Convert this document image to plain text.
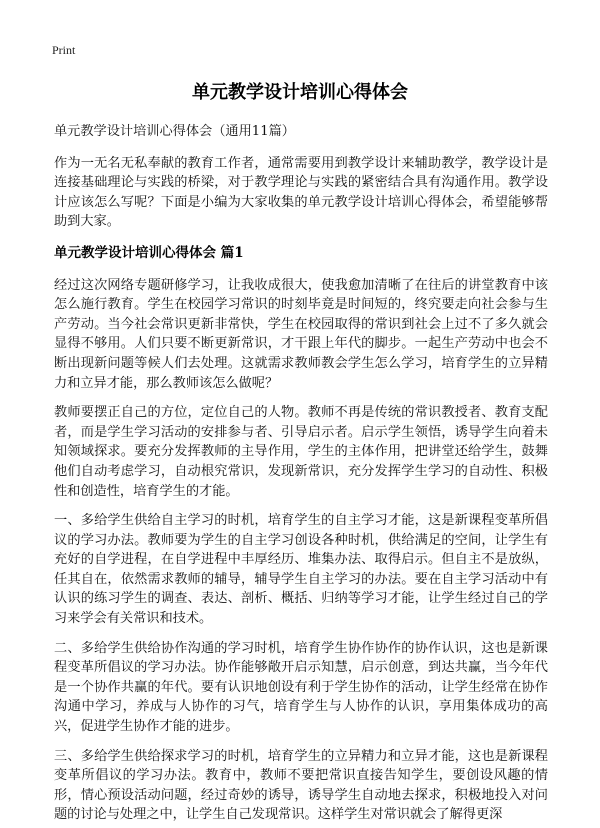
Print
单元教学设计培训心得体会

单元教学设计培训心得体会（通用11篇）

作为一无名无私奉献的教育工作者，通常需要用到教学设计来辅助教学，教学设计是连接基础理论与实践的桥梁，对于教学理论与实践的紧密结合具有沟通作用。教学设计应该怎么写呢？下面是小编为大家收集的单元教学设计培训心得体会，希望能够帮助到大家。

单元教学设计培训心得体会 篇1

经过这次网络专题研修学习，让我收成很大，使我愈加清晰了在往后的讲堂教育中该怎么施行教育。学生在校园学习常识的时刻毕竟是时间短的，终究要走向社会参与生产劳动。当今社会常识更新非常快，学生在校园取得的常识到社会上过不了多久就会显得不够用。人们只要不断更新常识，才干跟上年代的脚步。一起生产劳动中也会不断出现新问题等候人们去处理。这就需求教师教会学生怎么学习，培育学生的立异精力和立异才能，那么教师该怎么做呢？

教师要摆正自己的方位，定位自己的人物。教师不再是传统的常识教授者、教育支配者，而是学生学习活动的安排参与者、引导启示者。启示学生领悟，诱导学生向着未知领域探求。要充分发挥教师的主导作用，学生的主体作用，把讲堂还给学生，鼓舞他们自动考虑学习，自动根究常识，发现新常识，充分发挥学生学习的自动性、积极性和创造性，培育学生的才能。

一、多给学生供给自主学习的时机，培育学生的自主学习才能，这是新课程变革所倡议的学习办法。教师要为学生的自主学习创设各种时机，供给满足的空间，让学生有充好的自学进程，在自学进程中丰厚经历、堆集办法、取得启示。但自主不是放纵，任其自在，依然需求教师的辅导，辅导学生自主学习的办法。要在自主学习活动中有认识的练习学生的调查、表达、剖析、概括、归纳等学习才能，让学生经过自己的学习来学会有关常识和技术。

二、多给学生供给协作沟通的学习时机，培育学生协作协作的协作认识，这也是新课程变革所倡议的学习办法。协作能够敞开启示知慧，启示创意，到达共赢，当今年代是一个协作共赢的年代。要有认识地创设有利于学生协作的活动，让学生经常在协作沟通中学习，养成与人协作的习气，培育学生与人协作的认识，享用集体成功的高兴，促进学生协作才能的进步。

三、多给学生供给探求学习的时机，培育学生的立异精力和立异才能，这也是新课程变革所倡议的学习办法。教育中，教师不要把常识直接告知学生，要创设风趣的情形，情心预设活动问题，经过奇妙的诱导，诱导学生自动地去探求，积极地投入对问题的讨论与处理之中，让学生自己发现常识。这样学生对常识就会了解得更深
